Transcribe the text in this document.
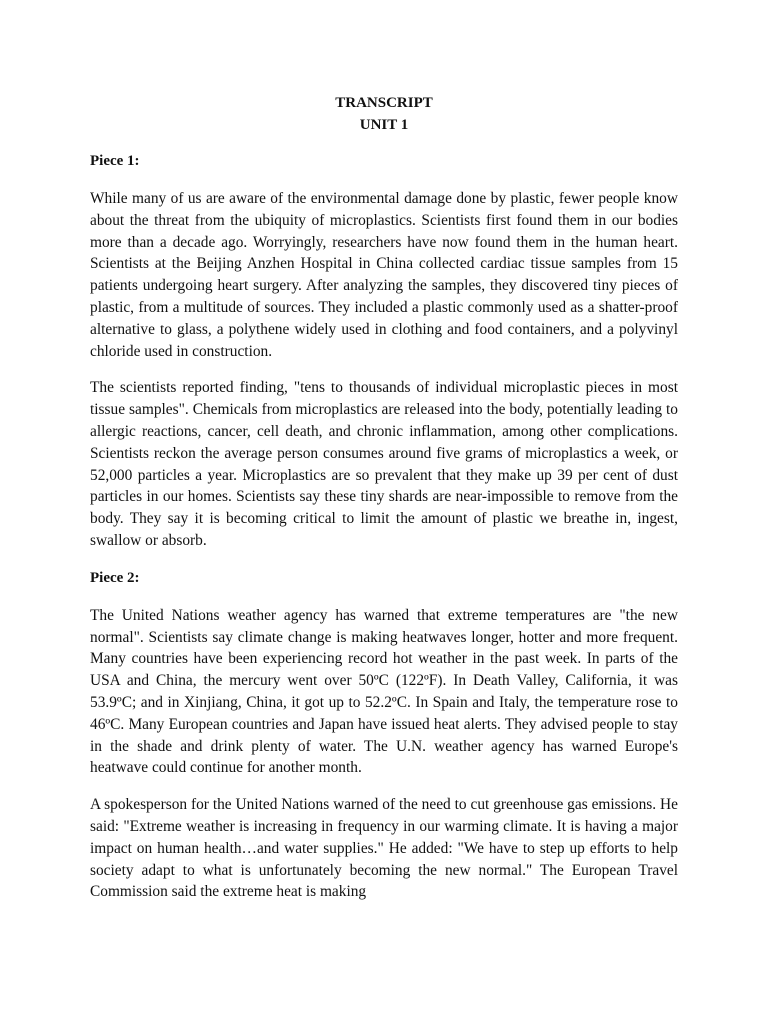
TRANSCRIPT

UNIT 1

Piece 1:

While many of us are aware of the environmental damage done by plastic, fewer people know about the threat from the ubiquity of microplastics. Scientists first found them in our bodies more than a decade ago. Worryingly, researchers have now found them in the human heart. Scientists at the Beijing Anzhen Hospital in China collected cardiac tissue samples from 15 patients undergoing heart surgery. After analyzing the samples, they discovered tiny pieces of plastic, from a multitude of sources. They included a plastic commonly used as a shatter-proof alternative to glass, a polythene widely used in clothing and food containers, and a polyvinyl chloride used in construction.

The scientists reported finding, "tens to thousands of individual microplastic pieces in most tissue samples". Chemicals from microplastics are released into the body, potentially leading to allergic reactions, cancer, cell death, and chronic inflammation, among other complications. Scientists reckon the average person consumes around five grams of microplastics a week, or 52,000 particles a year. Microplastics are so prevalent that they make up 39 per cent of dust particles in our homes. Scientists say these tiny shards are near-impossible to remove from the body. They say it is becoming critical to limit the amount of plastic we breathe in, ingest, swallow or absorb.

Piece 2:

The United Nations weather agency has warned that extreme temperatures are "the new normal". Scientists say climate change is making heatwaves longer, hotter and more frequent. Many countries have been experiencing record hot weather in the past week. In parts of the USA and China, the mercury went over 50ºC (122ºF). In Death Valley, California, it was 53.9ºC; and in Xinjiang, China, it got up to 52.2ºC. In Spain and Italy, the temperature rose to 46ºC. Many European countries and Japan have issued heat alerts. They advised people to stay in the shade and drink plenty of water. The U.N. weather agency has warned Europe's heatwave could continue for another month.

A spokesperson for the United Nations warned of the need to cut greenhouse gas emissions. He said: "Extreme weather is increasing in frequency in our warming climate. It is having a major impact on human health…and water supplies." He added: "We have to step up efforts to help society adapt to what is unfortunately becoming the new normal." The European Travel Commission said the extreme heat is making
